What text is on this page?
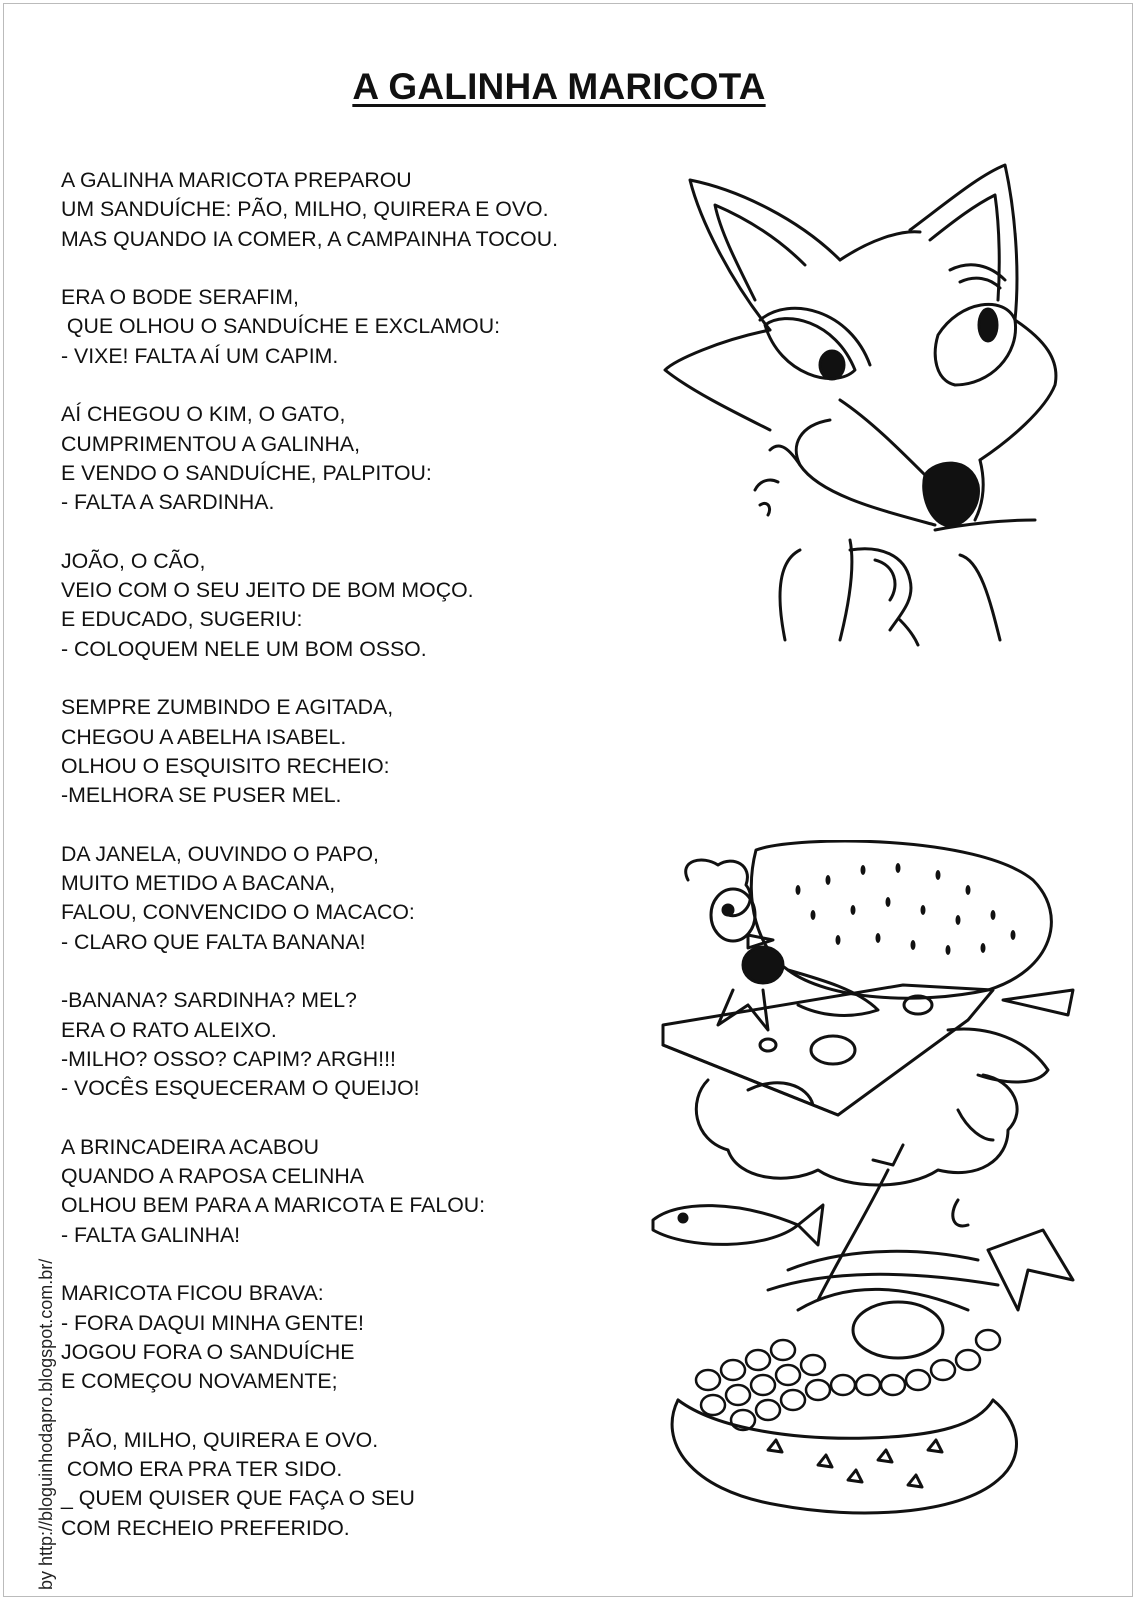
A GALINHA MARICOTA
A GALINHA MARICOTA PREPAROU
UM SANDUÍCHE: PÃO, MILHO, QUIRERA E OVO.
MAS QUANDO IA COMER, A CAMPAINHA TOCOU.
ERA O BODE SERAFIM,
QUE OLHOU O SANDUÍCHE E EXCLAMOU:
- VIXE! FALTA AÍ UM CAPIM.
AÍ CHEGOU O KIM, O GATO,
CUMPRIMENTOU A GALINHA,
E VENDO O SANDUÍCHE, PALPITOU:
- FALTA A SARDINHA.
JOÃO, O CÃO,
VEIO COM O SEU JEITO DE BOM MOÇO.
E EDUCADO, SUGERIU:
- COLOQUEM NELE UM BOM OSSO.
SEMPRE ZUMBINDO E AGITADA,
CHEGOU A ABELHA ISABEL.
OLHOU O ESQUISITO RECHEIO:
-MELHORA SE PUSER MEL.
DA JANELA, OUVINDO O PAPO,
MUITO METIDO A BACANA,
FALOU, CONVENCIDO O MACACO:
- CLARO QUE FALTA BANANA!
-BANANA? SARDINHA? MEL?
ERA O RATO ALEIXO.
-MILHO? OSSO? CAPIM? ARGH!!!
- VOCÊS ESQUECERAM O QUEIJO!
A BRINCADEIRA ACABOU
QUANDO A RAPOSA CELINHA
OLHOU BEM PARA A MARICOTA E FALOU:
- FALTA GALINHA!
MARICOTA FICOU BRAVA:
- FORA DAQUI MINHA GENTE!
JOGOU FORA O SANDUÍCHE
E COMEÇOU NOVAMENTE;
PÃO, MILHO, QUIRERA E OVO.
COMO ERA PRA TER SIDO.
_ QUEM QUISER QUE FAÇA O SEU
COM RECHEIO PREFERIDO.
by http://bloguinhodapro.blogspot.com.br/
